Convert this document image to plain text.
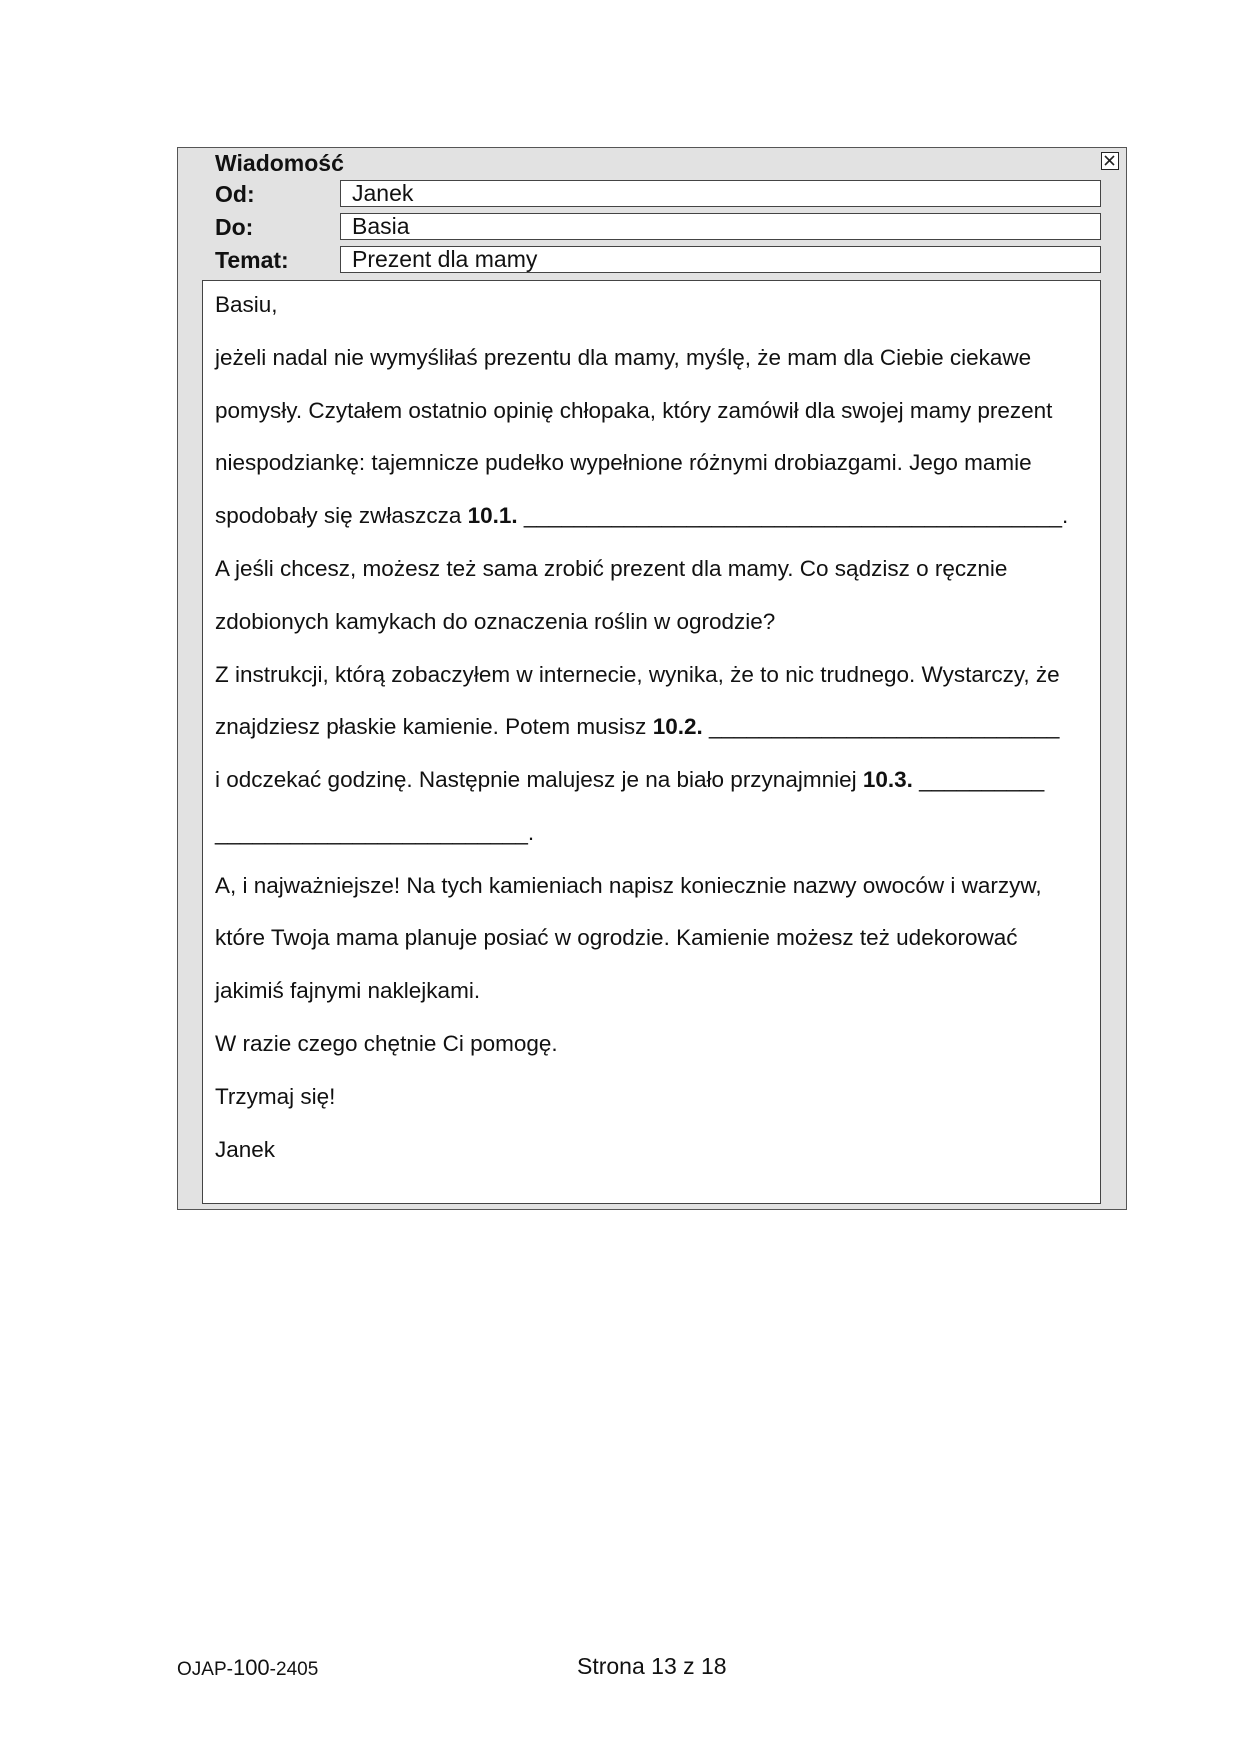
Wiadomość
Od:	Janek
Do:	Basia
Temat:	Prezent dla mamy
Basiu,
jeżeli nadal nie wymyśliłaś prezentu dla mamy, myślę, że mam dla Ciebie ciekawe
pomysły. Czytałem ostatnio opinię chłopaka, który zamówił dla swojej mamy prezent
niespodziankę: tajemnicze pudełko wypełnione różnymi drobiazgami. Jego mamie
spodobały się zwłaszcza 10.1. ___________________________________________.
A jeśli chcesz, możesz też sama zrobić prezent dla mamy. Co sądzisz o ręcznie
zdobionych kamykach do oznaczenia roślin w ogrodzie?
Z instrukcji, którą zobaczyłem w internecie, wynika, że to nic trudnego. Wystarczy, że
znajdziesz płaskie kamienie. Potem musisz 10.2. ____________________________
i odczekać godzinę. Następnie malujesz je na biało przynajmniej 10.3. __________
_________________________.
A, i najważniejsze! Na tych kamieniach napisz koniecznie nazwy owoców i warzyw,
które Twoja mama planuje posiać w ogrodzie. Kamienie możesz też udekorować
jakimiś fajnymi naklejkami.
W razie czego chętnie Ci pomogę.
Trzymaj się!
Janek
OJAP-100-2405	Strona 13 z 18
